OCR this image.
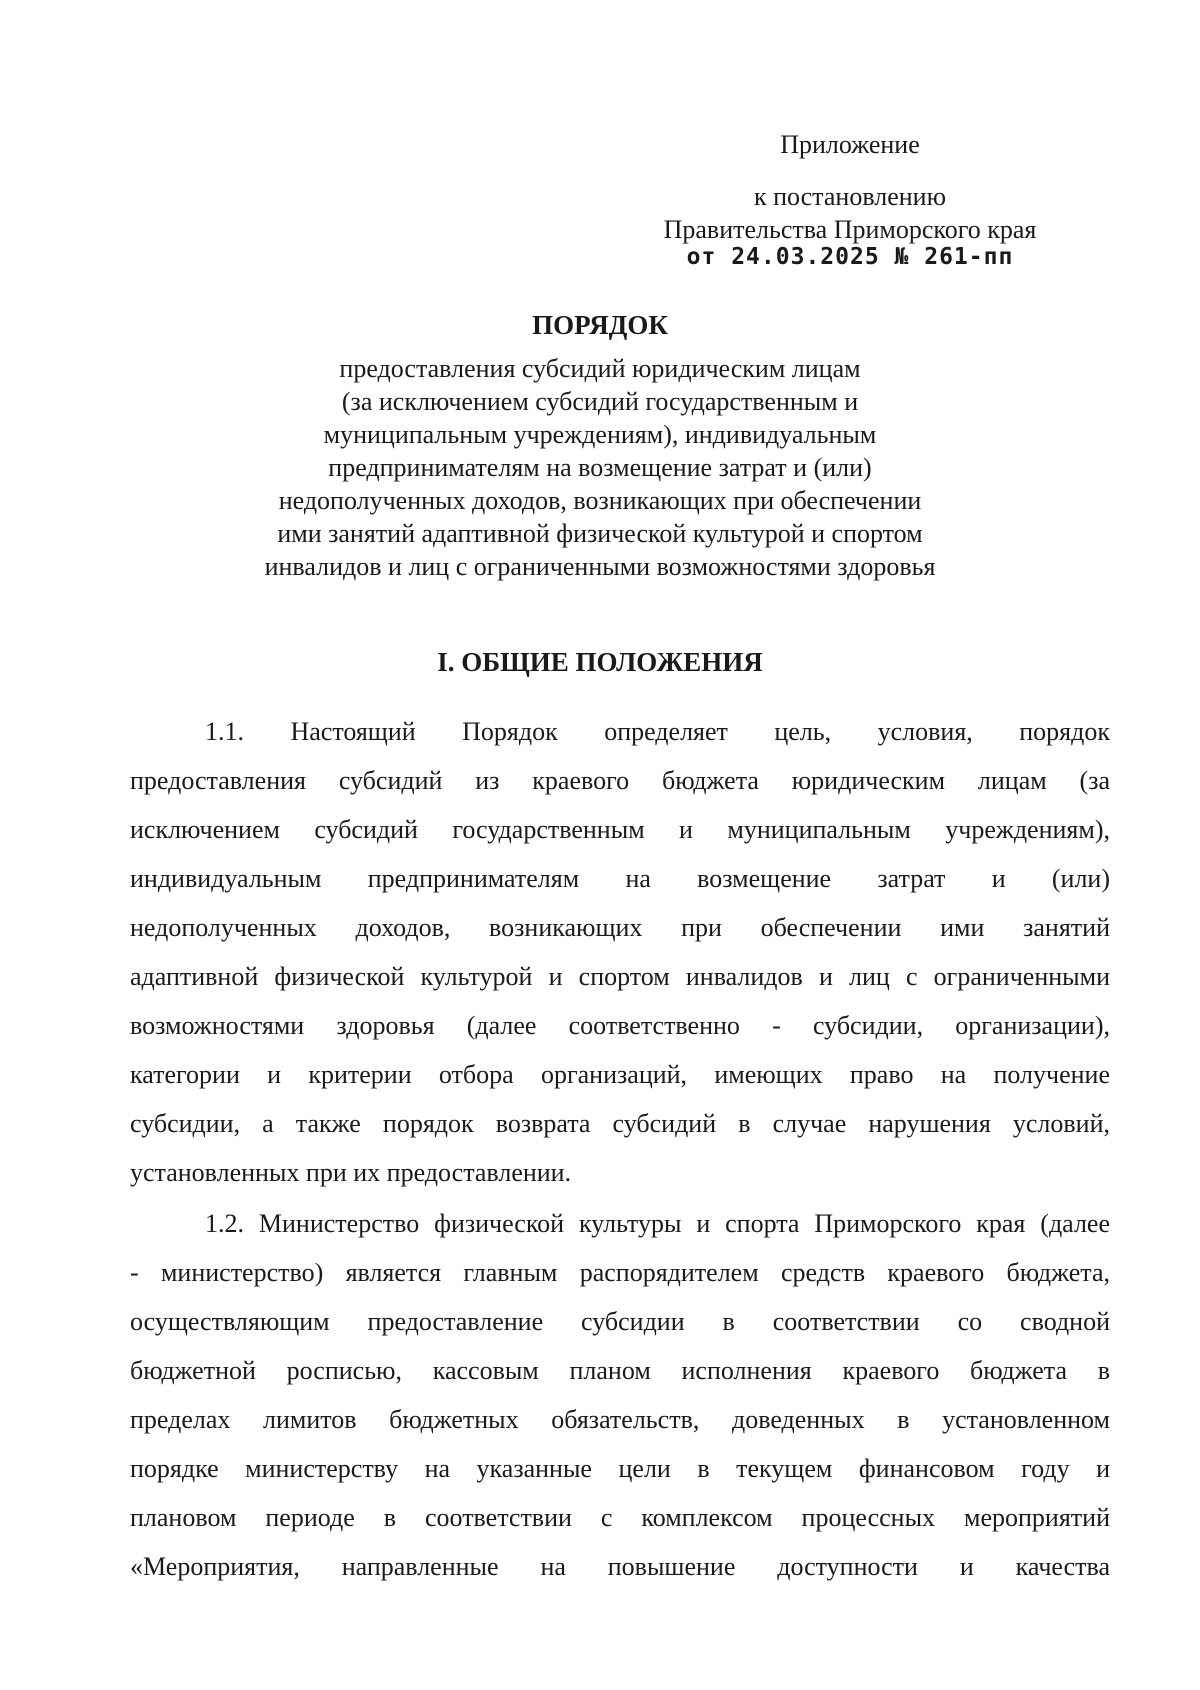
Приложение
к постановлению
Правительства Приморского края
от 24.03.2025 № 261-пп
ПОРЯДОК
предоставления субсидий юридическим лицам
(за исключением субсидий государственным и
муниципальным учреждениям), индивидуальным
предпринимателям на возмещение затрат и (или)
недополученных доходов, возникающих при обеспечении
ими занятий адаптивной физической культурой и спортом
инвалидов и лиц с ограниченными возможностями здоровья
I. ОБЩИЕ ПОЛОЖЕНИЯ
1.1. Настоящий Порядок определяет цель, условия, порядок
предоставления субсидий из краевого бюджета юридическим лицам (за
исключением субсидий государственным и муниципальным учреждениям),
индивидуальным предпринимателям на возмещение затрат и (или)
недополученных доходов, возникающих при обеспечении ими занятий
адаптивной физической культурой и спортом инвалидов и лиц с ограниченными
возможностями здоровья (далее соответственно - субсидии, организации),
категории и критерии отбора организаций, имеющих право на получение
субсидии, а также порядок возврата субсидий в случае нарушения условий,
установленных при их предоставлении.
1.2. Министерство физической культуры и спорта Приморского края (далее
- министерство) является главным распорядителем средств краевого бюджета,
осуществляющим предоставление субсидии в соответствии со сводной
бюджетной росписью, кассовым планом исполнения краевого бюджета в
пределах лимитов бюджетных обязательств, доведенных в установленном
порядке министерству на указанные цели в текущем финансовом году и
плановом периоде в соответствии с комплексом процессных мероприятий
«Мероприятия, направленные на повышение доступности и качества
